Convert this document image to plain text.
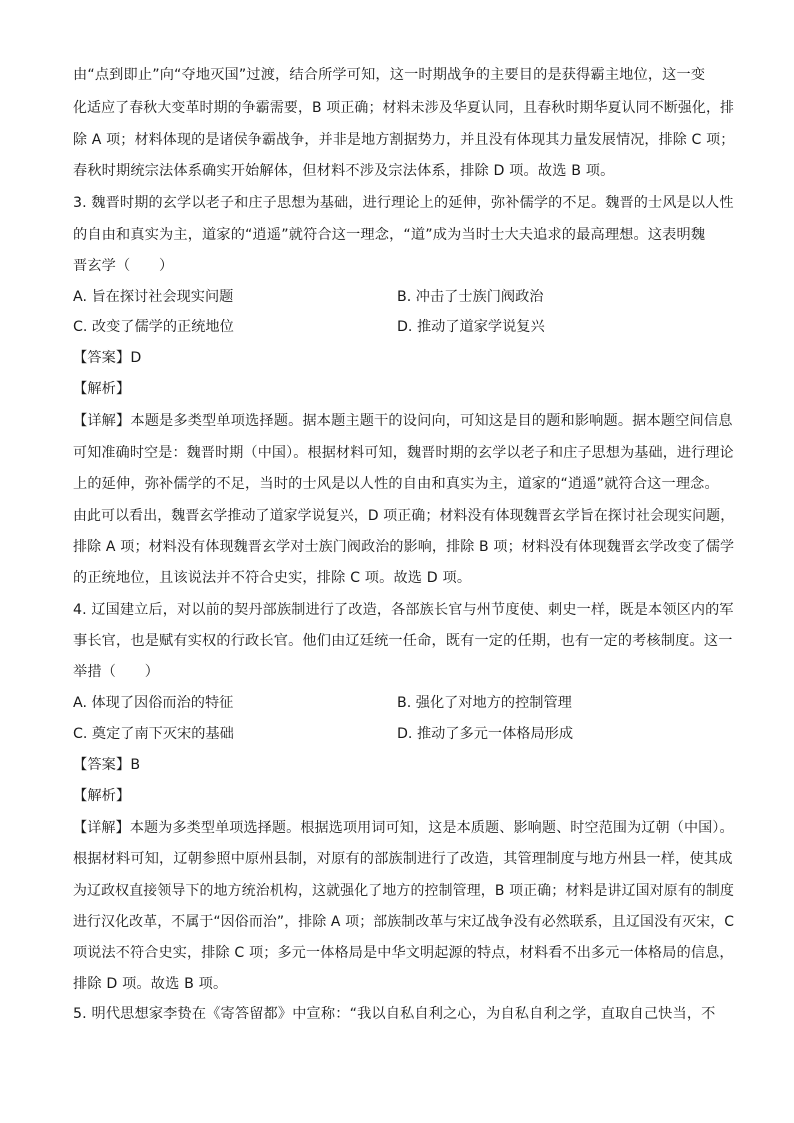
由“点到即止”向“夺地灭国”过渡，结合所学可知，这一时期战争的主要目的是获得霸主地位，这一变
化适应了春秋大变革时期的争霸需要，B 项正确；材料未涉及华夏认同，且春秋时期华夏认同不断强化，排
除 A 项；材料体现的是诸侯争霸战争，并非是地方割据势力，并且没有体现其力量发展情况，排除 C 项；
春秋时期统宗法体系确实开始解体，但材料不涉及宗法体系，排除 D 项。故选 B 项。
3. 魏晋时期的玄学以老子和庄子思想为基础，进行理论上的延伸，弥补儒学的不足。魏晋的士风是以人性
的自由和真实为主，道家的“逍遥”就符合这一理念，“道”成为当时士大夫追求的最高理想。这表明魏
晋玄学（　　）
A. 旨在探讨社会现实问题	B. 冲击了士族门阀政治
C. 改变了儒学的正统地位	D. 推动了道家学说复兴
【答案】D
【解析】
【详解】本题是多类型单项选择题。据本题主题干的设问向，可知这是目的题和影响题。据本题空间信息
可知准确时空是：魏晋时期（中国）。根据材料可知，魏晋时期的玄学以老子和庄子思想为基础，进行理论
上的延伸，弥补儒学的不足，当时的士风是以人性的自由和真实为主，道家的“逍遥”就符合这一理念。
由此可以看出，魏晋玄学推动了道家学说复兴，D 项正确；材料没有体现魏晋玄学旨在探讨社会现实问题，
排除 A 项；材料没有体现魏晋玄学对士族门阀政治的影响，排除 B 项；材料没有体现魏晋玄学改变了儒学
的正统地位，且该说法并不符合史实，排除 C 项。故选 D 项。
4. 辽国建立后，对以前的契丹部族制进行了改造，各部族长官与州节度使、刺史一样，既是本领区内的军
事长官，也是赋有实权的行政长官。他们由辽廷统一任命，既有一定的任期，也有一定的考核制度。这一
举措（　　）
A. 体现了因俗而治的特征	B. 强化了对地方的控制管理
C. 奠定了南下灭宋的基础	D. 推动了多元一体格局形成
【答案】B
【解析】
【详解】本题为多类型单项选择题。根据选项用词可知，这是本质题、影响题、时空范围为辽朝（中国）。
根据材料可知，辽朝参照中原州县制，对原有的部族制进行了改造，其管理制度与地方州县一样，使其成
为辽政权直接领导下的地方统治机构，这就强化了地方的控制管理，B 项正确；材料是讲辽国对原有的制度
进行汉化改革，不属于“因俗而治”，排除 A 项；部族制改革与宋辽战争没有必然联系，且辽国没有灭宋，C
项说法不符合史实，排除 C 项；多元一体格局是中华文明起源的特点，材料看不出多元一体格局的信息，
排除 D 项。故选 B 项。
5. 明代思想家李贽在《寄答留都》中宣称：“我以自私自利之心，为自私自利之学，直取自己快当，不
